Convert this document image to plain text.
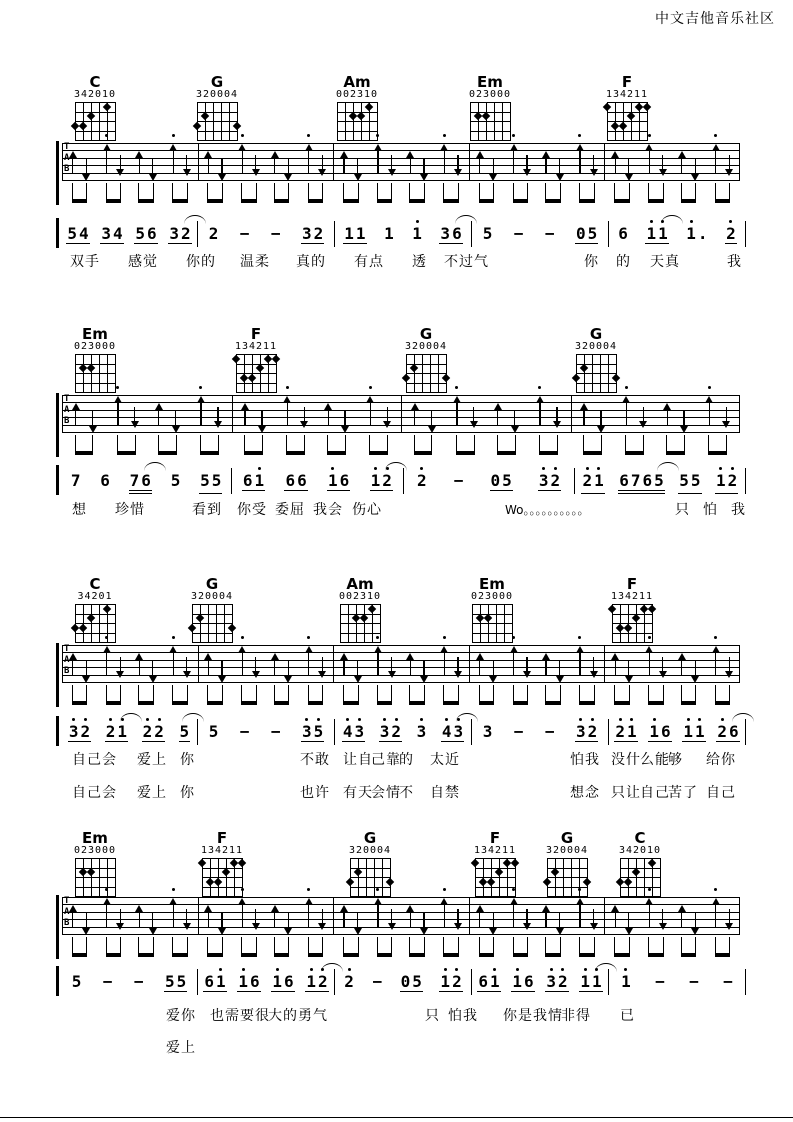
中文吉他音乐社区
C
342010
G
320004
Am
002310
Em
023000
F
134211
T
A
B
5 4 3 4 5 6 3 2 2 − − 3 2 1 1 1 1 3 6 5 − − 0 5 6 1 1 1 . 2
双手 感觉 你的 温柔 真的 有点 透 不过气	你 的 天真	我
Em
023000
F
134211
G
320004
G
320004
T
A
B
7 6 7 6 5 5 5 6 1 6 6 1 6 1 2 2 − 0 5 3 2 2 1 6 7 6 5 5 5 1 2
想 珍惜	看到 你受 委屈 我会 伤心	Wo。。。。。。。。。。	只 怕 我
C
34201
G
320004
Am
002310
Em
023000
F
134211
T
A
B
3 2 2 1 2 2 5 5 − − 3 5 4 3 3 2 3 4 3 3 − − 3 2 2 1 1 6 1 1 2 6
自己会 爱上 你	不敢 让自
己靠
的 太近	怕我 没什 么能
够 给你
自己会 爱上 你	也许 有天
会情
不 自禁	想念 只让 自己
苦了 自己
Em
023000
F
134211
G
320004
F
134211
G
320004
C
342010
T
A
B
5 − − 5 5 6 1 1 6 1 6 1 2 2 − 0 5 1 2 6 1 1 6 3 2 1 1 1 − − −
爱你 也需 要很
大的 勇气	只 怕我 你是 我情
非得 已
爱上
